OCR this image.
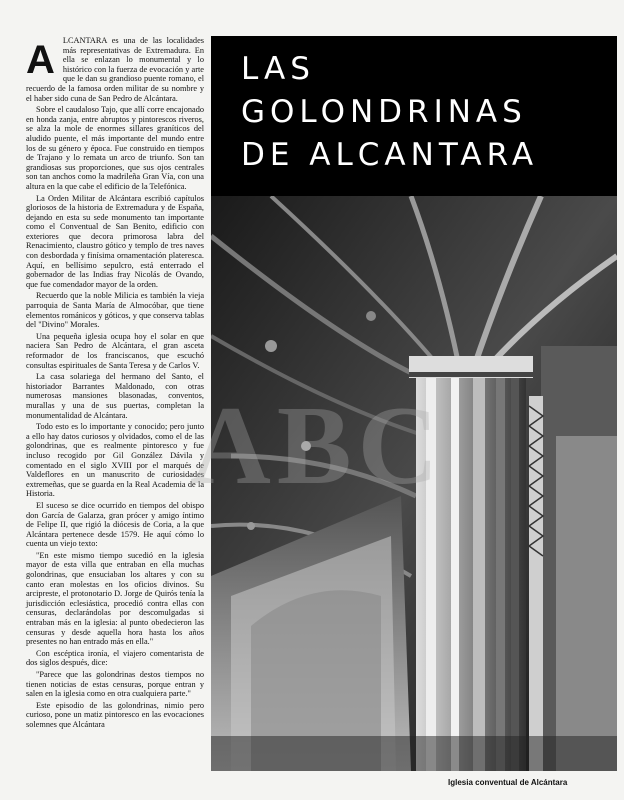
ALCANTARA es una de las localidades más representativas de Extremadura. En ella se enlazan lo monumental y lo histórico con la fuerza de evocación y arte que le dan su grandioso puente romano, el recuerdo de la famosa orden militar de su nombre y el haber sido cuna de San Pedro de Alcántara.

Sobre el caudaloso Tajo, que allí corre encajonado en honda zanja, entre abruptos y pintorescos riveros, se alza la mole de enormes sillares graníticos del aludido puente, el más importante del mundo entre los de su género y época. Fue construido en tiempos de Trajano y lo remata un arco de triunfo. Son tan grandiosas sus proporciones, que sus ojos centrales son tan anchos como la madrileña Gran Vía, con una altura en la que cabe el edificio de la Telefónica.

La Orden Militar de Alcántara escribió capítulos gloriosos de la historia de Extremadura y de España, dejando en esta su sede monumento tan importante como el Conventual de San Benito, edificio con exteriores que decora primorosa labra del Renacimiento, claustro gótico y templo de tres naves con desbordada y finísima ornamentación plateresca. Aquí, en bellísimo sepulcro, está enterrado el gobernador de las Indias fray Nicolás de Ovando, que fue comendador mayor de la orden.

Recuerdo que la noble Milicia es también la vieja parroquia de Santa María de Almocóbar, que tiene elementos románicos y góticos, y que conserva tablas del "Divino" Morales.

Una pequeña iglesia ocupa hoy el solar en que naciera San Pedro de Alcántara, el gran asceta reformador de los franciscanos, que escuchó consultas espirituales de Santa Teresa y de Carlos V.

La casa solariega del hermano del Santo, el historiador Barrantes Maldonado, con otras numerosas mansiones blasonadas, conventos, murallas y una de sus puertas, completan la monumentalidad de Alcántara.

Todo esto es lo importante y conocido; pero junto a ello hay datos curiosos y olvidados, como el de las golondrinas, que es realmente pintoresco y fue incluso recogido por Gil González Dávila y comentado en el siglo XVIII por el marqués de Valdeflores en un manuscrito de curiosidades extremeñas, que se guarda en la Real Academia de la Historia.

El suceso se dice ocurrido en tiempos del obispo don García de Galarza, gran prócer y amigo íntimo de Felipe II, que rigió la diócesis de Coria, a la que Alcántara pertenece desde 1579. He aquí cómo lo cuenta un viejo texto:

"En este mismo tiempo sucedió en la iglesia mayor de esta villa que entraban en ella muchas golondrinas, que ensuciaban los altares y con su canto eran molestas en los oficios divinos. Su arcipreste, el protonotario D. Jorge de Quirós tenía la jurisdicción eclesiástica, procedió contra ellas con censuras, declarándolas por descomulgadas si entraban más en la iglesia: al punto obedecieron las censuras y desde aquella hora hasta los años presentes no han entrado más en ella."

Con escéptica ironía, el viajero comentarista de dos siglos después, dice:

"Parece que las golondrinas destos tiempos no tienen noticias de estas censuras, porque entran y salen en la iglesia como en otra cualquiera parte."

Este episodio de las golondrinas, nimio pero curioso, pone un matiz pintoresco en las evocaciones solemnes que Alcántara

LAS
GOLONDRINAS
DE ALCANTARA
ABC
Iglesia conventual de Alcántara
